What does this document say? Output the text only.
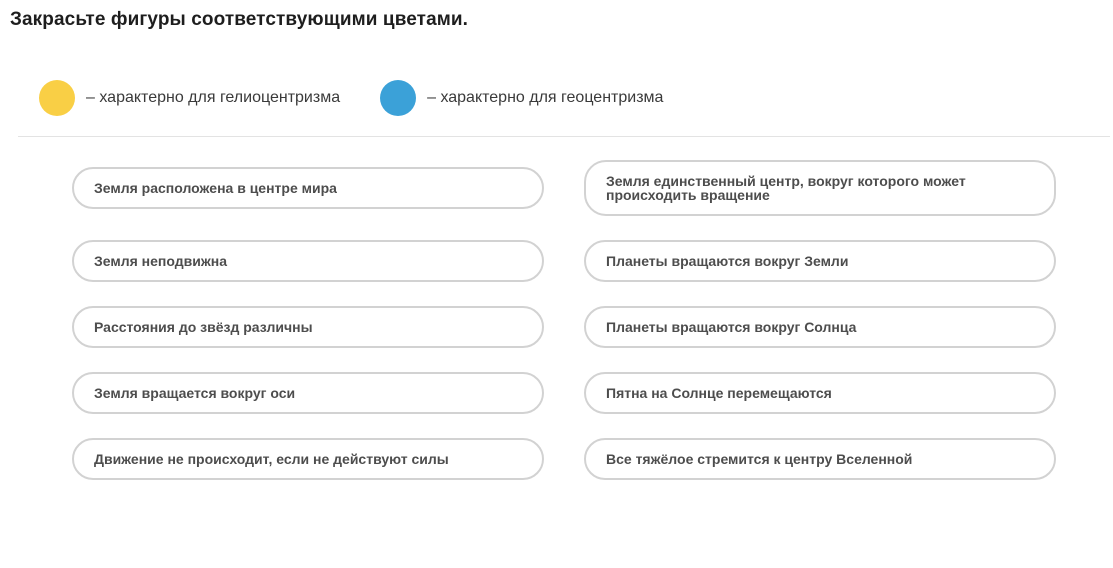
Закрасьте фигуры соответствующими цветами.
– характерно для гелиоцентризма	– характерно для геоцентризма
Земля расположена в центре мира
Земля неподвижна
Расстояния до звёзд различны
Земля вращается вокруг оси
Движение не происходит, если не действуют силы
Земля единственный центр, вокруг которого может происходить вращение
Планеты вращаются вокруг Земли
Планеты вращаются вокруг Солнца
Пятна на Солнце перемещаются
Все тяжёлое стремится к центру Вселенной
